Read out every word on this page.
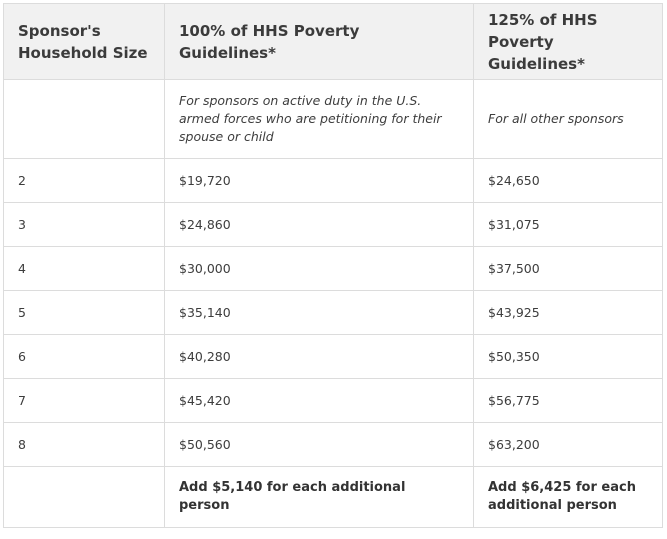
Sponsor's Household Size	100% of HHS Poverty Guidelines*	125% of HHS Poverty Guidelines*
	For sponsors on active duty in the U.S. armed forces who are petitioning for their spouse or child	For all other sponsors
2	$19,720	$24,650
3	$24,860	$31,075
4	$30,000	$37,500
5	$35,140	$43,925
6	$40,280	$50,350
7	$45,420	$56,775
8	$50,560	$63,200
	Add $5,140 for each additional person	Add $6,425 for each additional person
